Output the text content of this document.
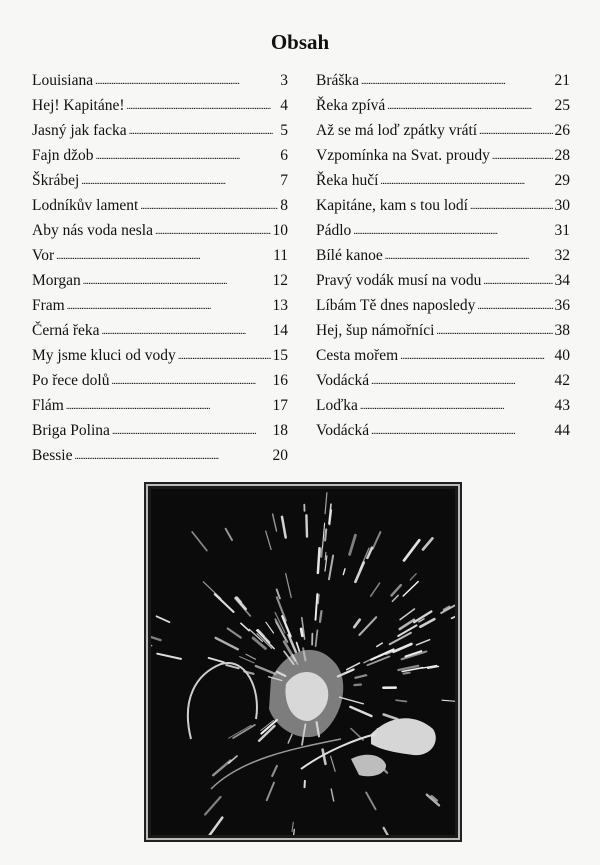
Obsah
Louisiana . . .	3
Hej! Kapitáne! . . .	4
Jasný jak facka . . .	5
Fajn džob . . .	6
Škrábej . . .	7
Lodníkův lament . . .	8
Aby nás voda nesla . . .	10
Vor . . .	11
Morgan . . .	12
Fram . . .	13
Černá řeka . . .	14
My jsme kluci od vody . . .	15
Po řece dolů . . .	16
Flám . . .	17
Briga Polina . . .	18
Bessie . . .	20
Bráška . . .	21
Řeka zpívá . . .	25
Až se má loď zpátky vrátí . . .	26
Vzpomínka na Svat. proudy . . .	28
Řeka hučí . . .	29
Kapitáne, kam s tou lodí . . .	30
Pádlo . . .	31
Bílé kanoe . . .	32
Pravý vodák musí na vodu . . .	34
Líbám Tě dnes naposledy . . .	36
Hej, šup námořníci . . .	38
Cesta mořem . . .	40
Vodácká . . .	42
Loďka . . .	43
Vodácká . . .	44
